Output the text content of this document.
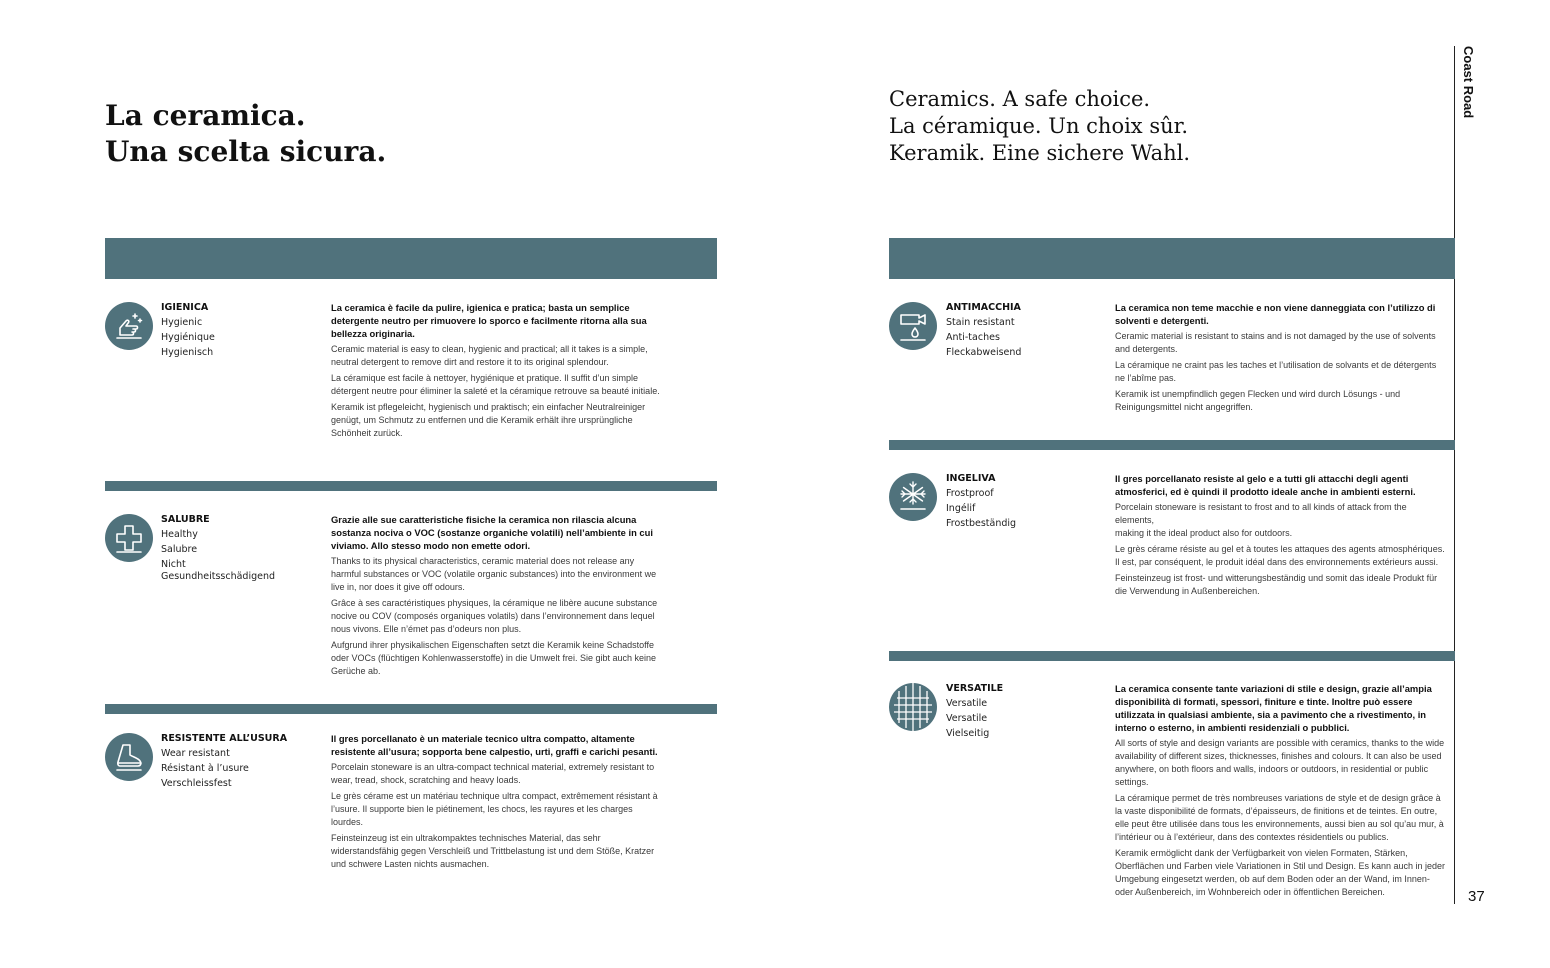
La ceramica.
Una scelta sicura.
Ceramics. A safe choice.
La céramique. Un choix sûr.
Keramik. Eine sichere Wahl.
Coast Road
37
IGIENICA
Hygienic
Hygiénique
Hygienisch
La ceramica è facile da pulire, igienica e pratica; basta un semplice detergente neutro per rimuovere lo sporco e facilmente ritorna alla sua bellezza originaria.
Ceramic material is easy to clean, hygienic and practical; all it takes is a simple, neutral detergent to remove dirt and restore it to its original splendour.
La céramique est facile à nettoyer, hygiénique et pratique. Il suffit d’un simple détergent neutre pour éliminer la saleté et la céramique retrouve sa beauté initiale.
Keramik ist pflegeleicht, hygienisch und praktisch; ein einfacher Neutralreiniger genügt, um Schmutz zu entfernen und die Keramik erhält ihre ursprüngliche Schönheit zurück.
SALUBRE
Healthy
Salubre
Nicht
Gesundheitsschädigend
Grazie alle sue caratteristiche fisiche la ceramica non rilascia alcuna sostanza nociva o VOC (sostanze organiche volatili) nell’ambiente in cui viviamo. Allo stesso modo non emette odori.
Thanks to its physical characteristics, ceramic material does not release any harmful substances or VOC (volatile organic substances) into the environment we live in, nor does it give off odours.
Grâce à ses caractéristiques physiques, la céramique ne libère aucune substance nocive ou COV (composés organiques volatils) dans l’environnement dans lequel nous vivons. Elle n’émet pas d’odeurs non plus.
Aufgrund ihrer physikalischen Eigenschaften setzt die Keramik keine Schadstoffe oder VOCs (flüchtigen Kohlenwasserstoffe) in die Umwelt frei. Sie gibt auch keine Gerüche ab.
RESISTENTE ALL’USURA
Wear resistant
Résistant à l’usure
Verschleissfest
Il gres porcellanato è un materiale tecnico ultra compatto, altamente resistente all’usura; sopporta bene calpestio, urti, graffi e carichi pesanti.
Porcelain stoneware is an ultra-compact technical material, extremely resistant to wear, tread, shock, scratching and heavy loads.
Le grès cérame est un matériau technique ultra compact, extrêmement résistant à l’usure. Il supporte bien le piétinement, les chocs, les rayures et les charges lourdes.
Feinsteinzeug ist ein ultrakompaktes technisches Material, das sehr widerstandsfähig gegen Verschleiß und Trittbelastung ist und dem Stöße, Kratzer und schwere Lasten nichts ausmachen.
ANTIMACCHIA
Stain resistant
Anti-taches
Fleckabweisend
La ceramica non teme macchie e non viene danneggiata con l’utilizzo di solventi e detergenti.
Ceramic material is resistant to stains and is not damaged by the use of solvents and detergents.
La céramique ne craint pas les taches et l’utilisation de solvants et de détergents ne l’abîme pas.
Keramik ist unempfindlich gegen Flecken und wird durch Lösungs - und Reinigungsmittel nicht angegriffen.
INGELIVA
Frostproof
Ingélif
Frostbeständig
Il gres porcellanato resiste al gelo e a tutti gli attacchi degli agenti atmosferici, ed è quindi il prodotto ideale anche in ambienti esterni.
Porcelain stoneware is resistant to frost and to all kinds of attack from the elements,
making it the ideal product also for outdoors.
Le grès cérame résiste au gel et à toutes les attaques des agents atmosphériques.
Il est, par conséquent, le produit idéal dans des environnements extérieurs aussi.
Feinsteinzeug ist frost- und witterungsbeständig und somit das ideale Produkt für die Verwendung in Außenbereichen.
VERSATILE
Versatile
Versatile
Vielseitig
La ceramica consente tante variazioni di stile e design, grazie all’ampia disponibilità di formati, spessori, finiture e tinte. Inoltre può essere utilizzata in qualsiasi ambiente, sia a pavimento che a rivestimento, in interno o esterno, in ambienti residenziali o pubblici.
All sorts of style and design variants are possible with ceramics, thanks to the wide availability of different sizes, thicknesses, finishes and colours. It can also be used anywhere, on both floors and walls, indoors or outdoors, in residential or public settings.
La céramique permet de très nombreuses variations de style et de design grâce à la vaste disponibilité de formats, d’épaisseurs, de finitions et de teintes. En outre, elle peut être utilisée dans tous les environnements, aussi bien au sol qu’au mur, à l’intérieur ou à l’extérieur, dans des contextes résidentiels ou publics.
Keramik ermöglicht dank der Verfügbarkeit von vielen Formaten, Stärken, Oberflächen und Farben viele Variationen in Stil und Design. Es kann auch in jeder Umgebung eingesetzt werden, ob auf dem Boden oder an der Wand, im Innen- oder Außenbereich, im Wohnbereich oder in öffentlichen Bereichen.
